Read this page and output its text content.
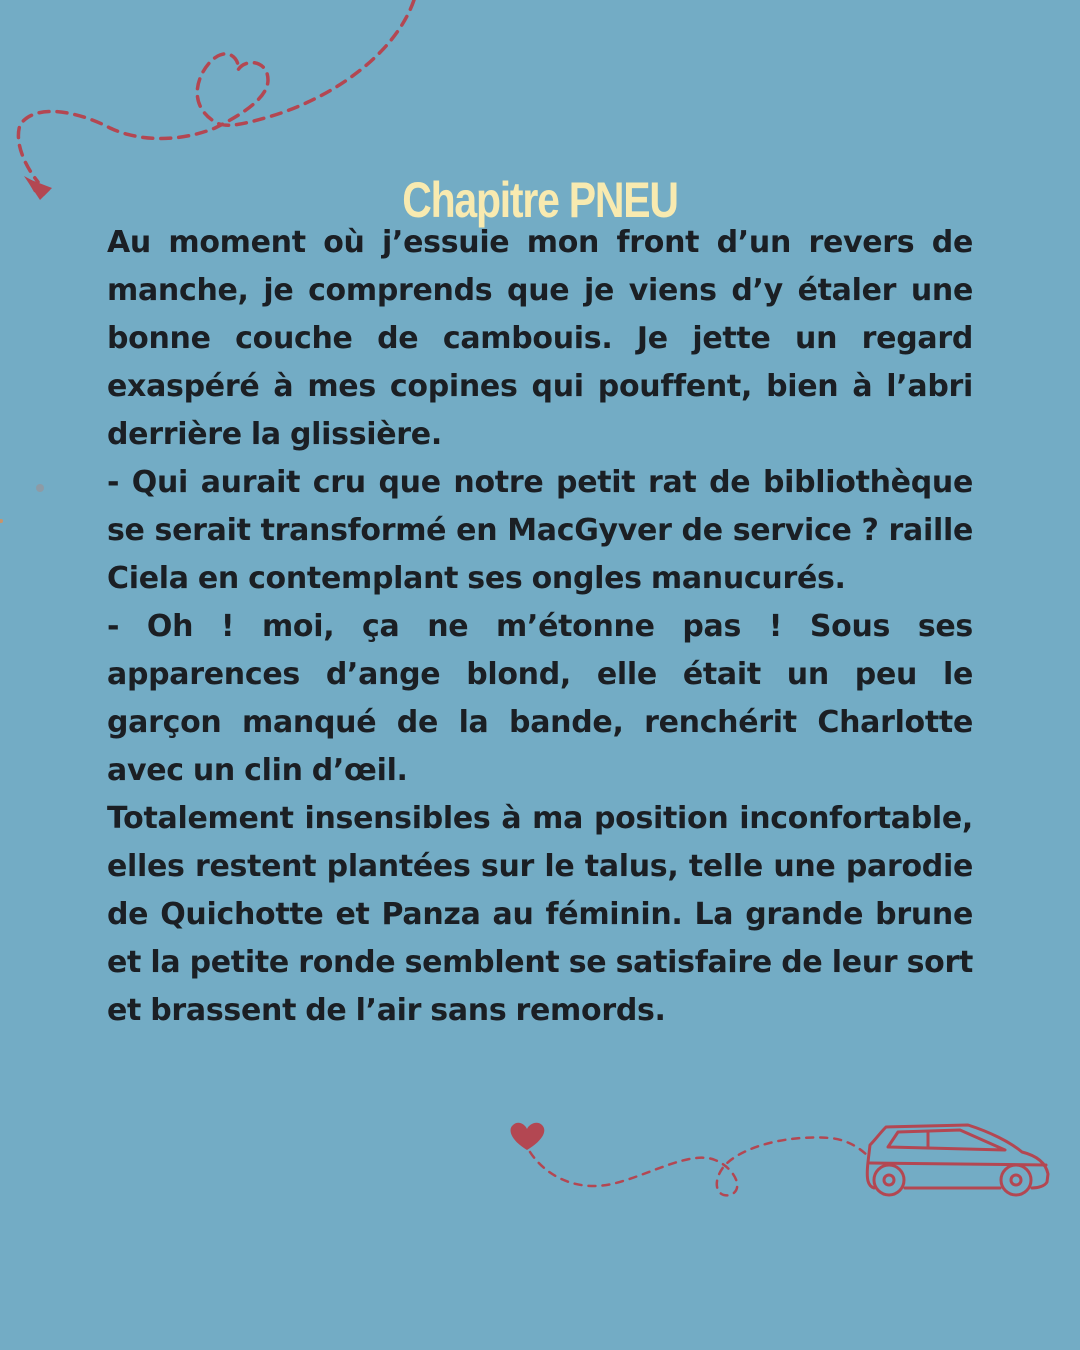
Chapitre PNEU

Au moment où j’essuie mon front d’un revers de manche, je comprends que je viens d’y étaler une bonne couche de cambouis. Je jette un regard exaspéré à mes copines qui pouffent, bien à l’abri derrière la glissière.

- Qui aurait cru que notre petit rat de bibliothèque se serait transformé en MacGyver de service ? raille Ciela en contemplant ses ongles manucurés.

- Oh ! moi, ça ne m’étonne pas ! Sous ses apparences d’ange blond, elle était un peu le garçon manqué de la bande, renchérit Charlotte avec un clin d’œil.

Totalement insensibles à ma position inconfortable, elles restent plantées sur le talus, telle une parodie de Quichotte et Panza au féminin. La grande brune et la petite ronde semblent se satisfaire de leur sort et brassent de l’air sans remords.
